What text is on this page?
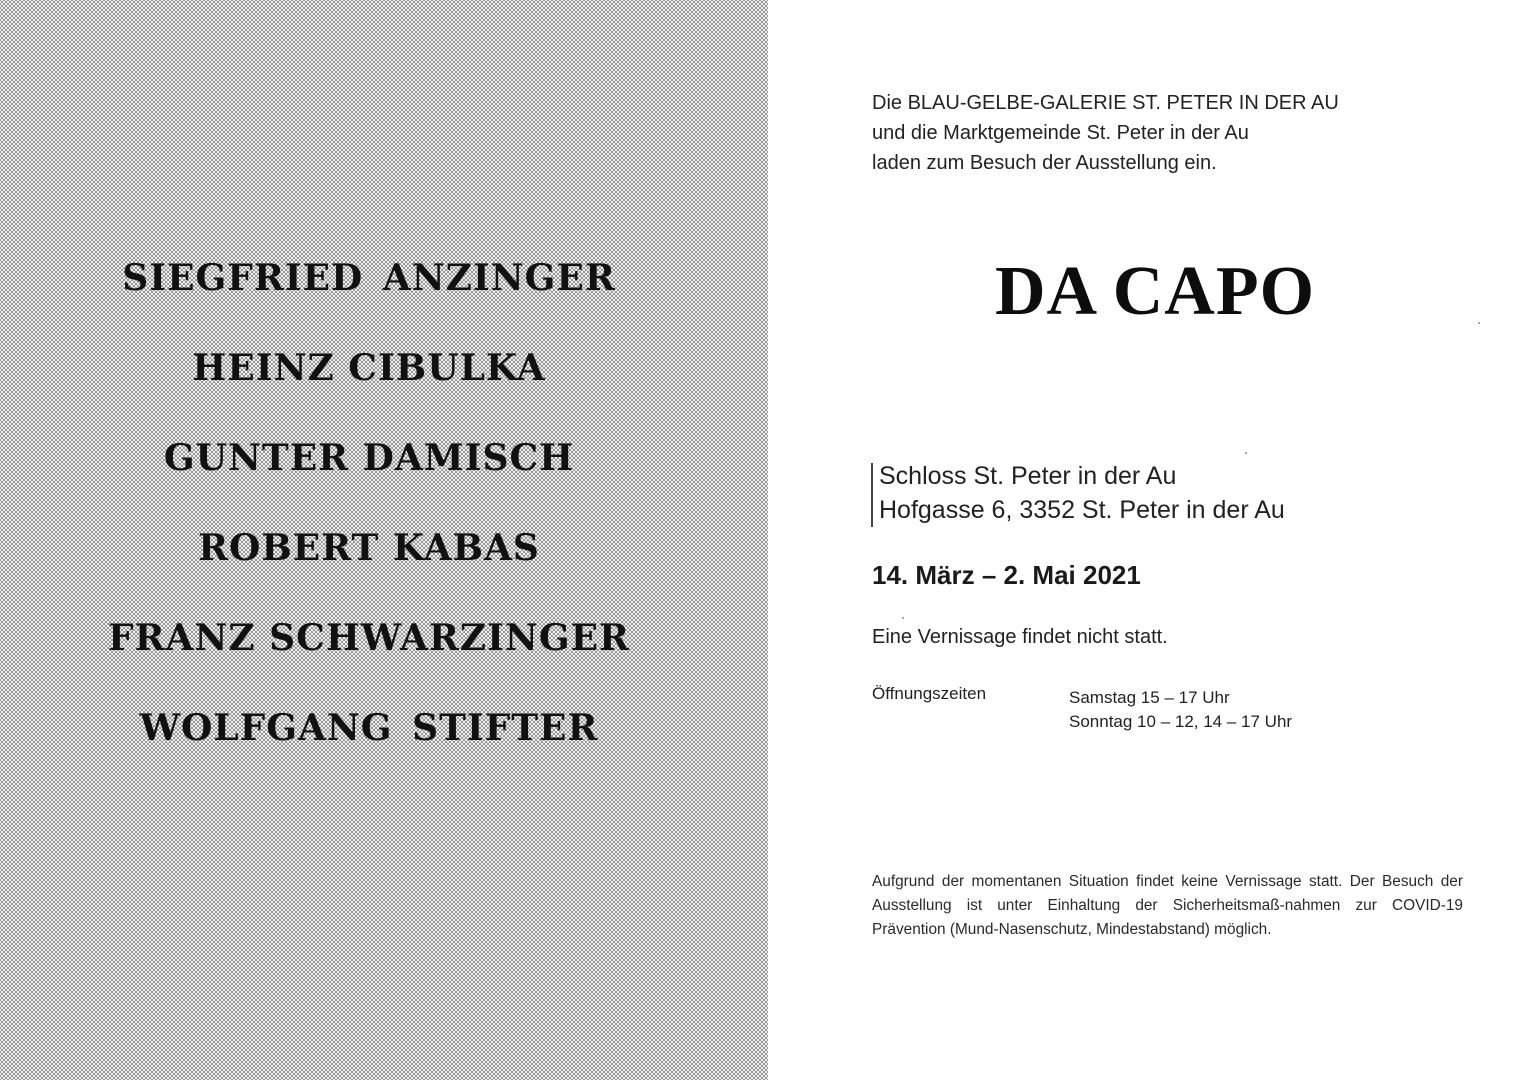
SIEGFRIED ANZINGER
HEINZ CIBULKA
GUNTER DAMISCH
ROBERT KABAS
FRANZ SCHWARZINGER
WOLFGANG STIFTER
Die BLAU-GELBE-GALERIE ST. PETER IN DER AU
und die Marktgemeinde St. Peter in der Au
laden zum Besuch der Ausstellung ein.
DA CAPO
Schloss St. Peter in der Au
Hofgasse 6, 3352 St. Peter in der Au
14. März – 2. Mai 2021
Eine Vernissage findet nicht statt.
Öffnungszeiten	Samstag 15 – 17 Uhr
Sonntag 10 – 12, 14 – 17 Uhr
Aufgrund der momentanen Situation findet keine Vernissage statt. Der Besuch der Ausstellung ist unter Einhaltung der Sicherheitsmaß-nahmen zur COVID-19 Prävention (Mund-Nasenschutz, Mindestabstand) möglich.
